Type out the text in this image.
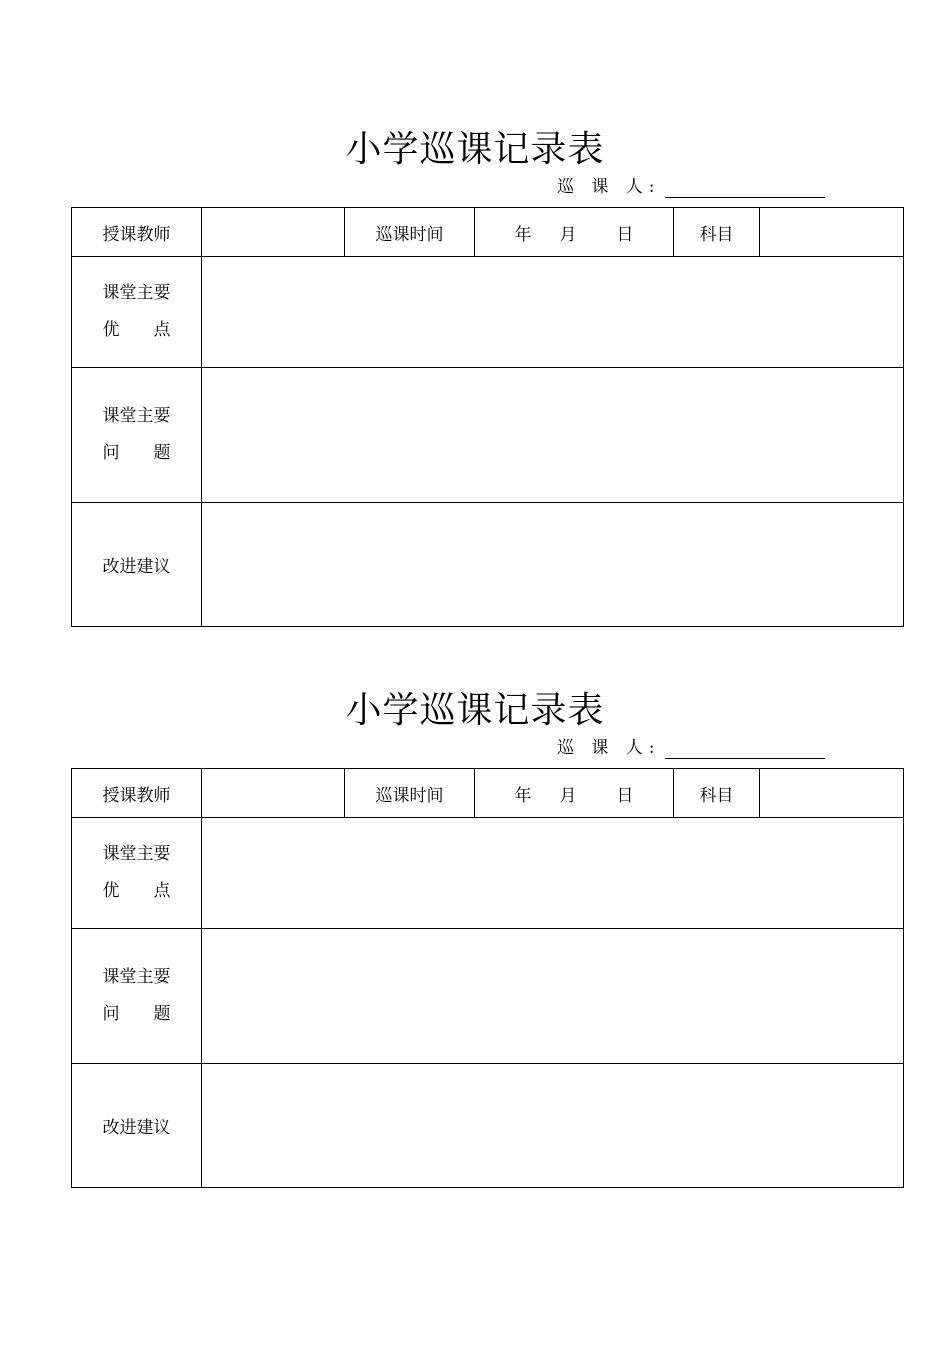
小学巡课记录表
巡 课 人:
授课教师		巡课时间	年 月 日	科目	

课堂主要
优　　点					

课堂主要
问　　题					

改进建议					
小学巡课记录表
巡 课 人:
授课教师		巡课时间	年 月 日	科目	

课堂主要
优　　点					

课堂主要
问　　题					

改进建议					
